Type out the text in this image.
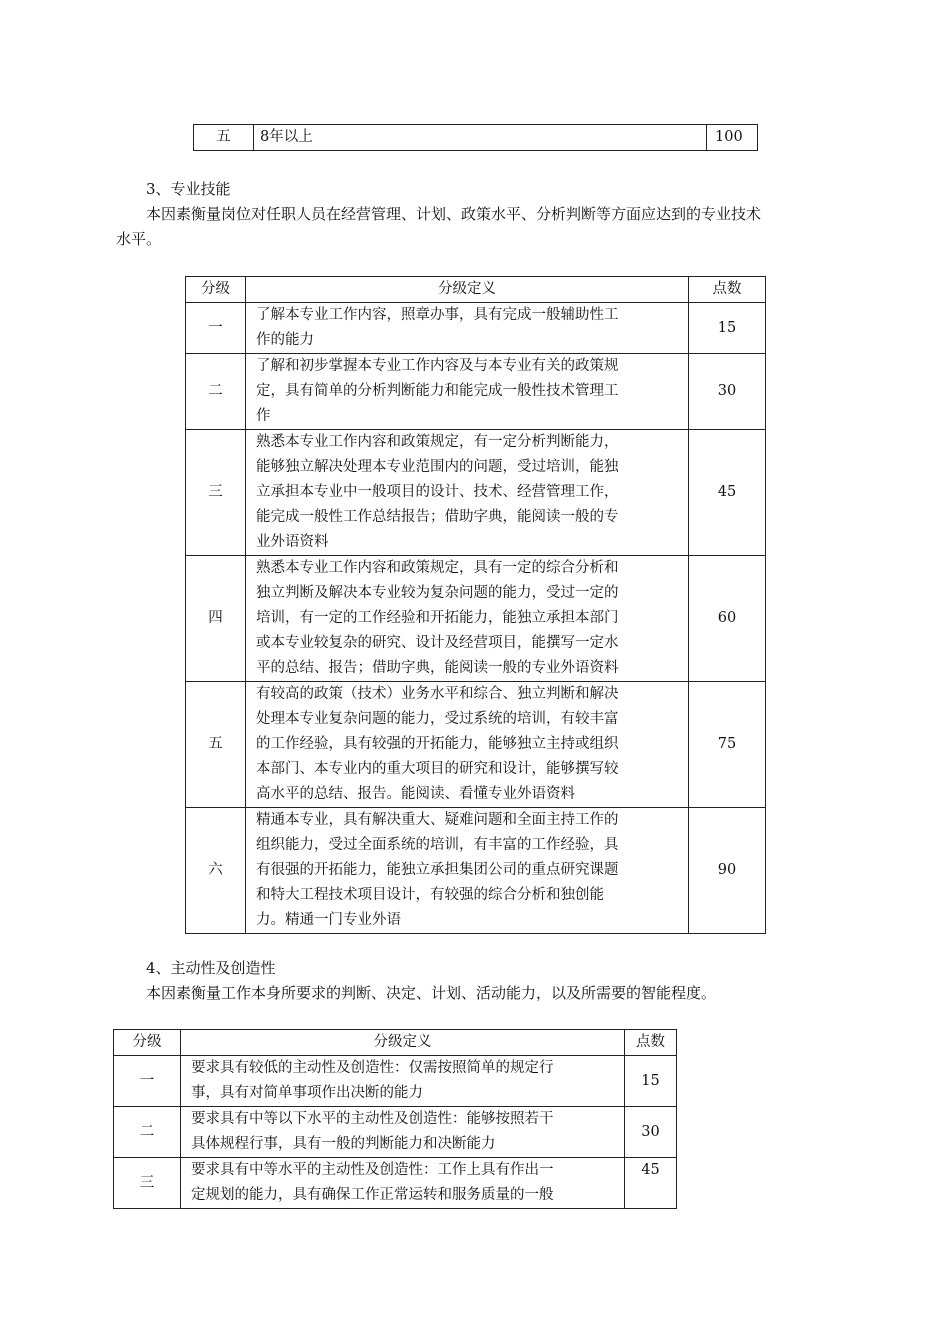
五	8年以上	100
3、专业技能
本因素衡量岗位对任职人员在经营管理、计划、政策水平、分析判断等方面应达到的专业技术
水平。
分级	分级定义	点数
一	了解本专业工作内容，照章办事，具有完成一般辅助性工
作的能力	15
二	了解和初步掌握本专业工作内容及与本专业有关的政策规
定，具有简单的分析判断能力和能完成一般性技术管理工
作	30
三	熟悉本专业工作内容和政策规定，有一定分析判断能力，
能够独立解决处理本专业范围内的问题，受过培训，能独
立承担本专业中一般项目的设计、技术、经营管理工作，
能完成一般性工作总结报告；借助字典，能阅读一般的专
业外语资料	45
四	熟悉本专业工作内容和政策规定，具有一定的综合分析和
独立判断及解决本专业较为复杂问题的能力，受过一定的
培训，有一定的工作经验和开拓能力，能独立承担本部门
或本专业较复杂的研究、设计及经营项目，能撰写一定水
平的总结、报告；借助字典，能阅读一般的专业外语资料	60
五	有较高的政策（技术）业务水平和综合、独立判断和解决
处理本专业复杂问题的能力，受过系统的培训，有较丰富
的工作经验，具有较强的开拓能力，能够独立主持或组织
本部门、本专业内的重大项目的研究和设计，能够撰写较
高水平的总结、报告。能阅读、看懂专业外语资料	75
六	精通本专业，具有解决重大、疑难问题和全面主持工作的
组织能力，受过全面系统的培训，有丰富的工作经验，具
有很强的开拓能力，能独立承担集团公司的重点研究课题
和特大工程技术项目设计，有较强的综合分析和独创能
力。精通一门专业外语	90
4、主动性及创造性
本因素衡量工作本身所要求的判断、决定、计划、活动能力，以及所需要的智能程度。
分级	分级定义	点数
一	要求具有较低的主动性及创造性：仅需按照简单的规定行
事，具有对简单事项作出决断的能力	15
二	要求具有中等以下水平的主动性及创造性：能够按照若干
具体规程行事，具有一般的判断能力和决断能力	30
三	要求具有中等水平的主动性及创造性：工作上具有作出一
定规划的能力，具有确保工作正常运转和服务质量的一般	45
